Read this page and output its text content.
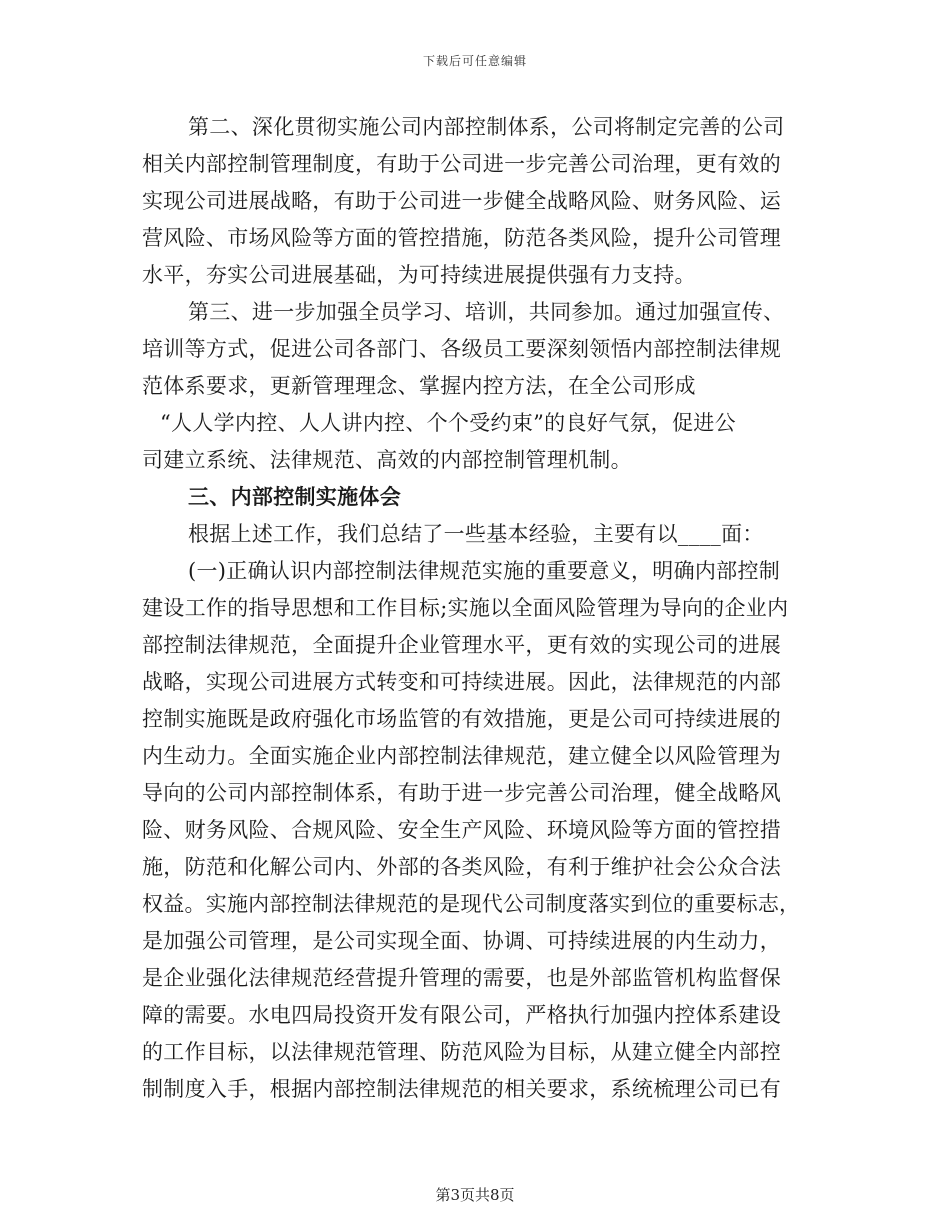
下载后可任意编辑
第二、深化贯彻实施公司内部控制体系，公司将制定完善的公司
相关内部控制管理制度，有助于公司进一步完善公司治理，更有效的
实现公司进展战略，有助于公司进一步健全战略风险、财务风险、运
营风险、市场风险等方面的管控措施，防范各类风险，提升公司管理
水平，夯实公司进展基础，为可持续进展提供强有力支持。
第三、进一步加强全员学习、培训，共同参加。通过加强宣传、
培训等方式，促进公司各部门、各级员工要深刻领悟内部控制法律规
范体系要求，更新管理理念、掌握内控方法，在全公司形成
“人人学内控、人人讲内控、个个受约束”的良好气氛，促进公
司建立系统、法律规范、高效的内部控制管理机制。
三、内部控制实施体会
根据上述工作，我们总结了一些基本经验，主要有以____面：
(一)正确认识内部控制法律规范实施的重要意义，明确内部控制
建设工作的指导思想和工作目标;实施以全面风险管理为导向的企业内
部控制法律规范，全面提升企业管理水平，更有效的实现公司的进展
战略，实现公司进展方式转变和可持续进展。因此，法律规范的内部
控制实施既是政府强化市场监管的有效措施，更是公司可持续进展的
内生动力。全面实施企业内部控制法律规范，建立健全以风险管理为
导向的公司内部控制体系，有助于进一步完善公司治理，健全战略风
险、财务风险、合规风险、安全生产风险、环境风险等方面的管控措
施，防范和化解公司内、外部的各类风险，有利于维护社会公众合法
权益。实施内部控制法律规范的是现代公司制度落实到位的重要标志，
是加强公司管理，是公司实现全面、协调、可持续进展的内生动力，
是企业强化法律规范经营提升管理的需要，也是外部监管机构监督保
障的需要。水电四局投资开发有限公司，严格执行加强内控体系建设
的工作目标，以法律规范管理、防范风险为目标，从建立健全内部控
制制度入手，根据内部控制法律规范的相关要求，系统梳理公司已有
第3页共8页
